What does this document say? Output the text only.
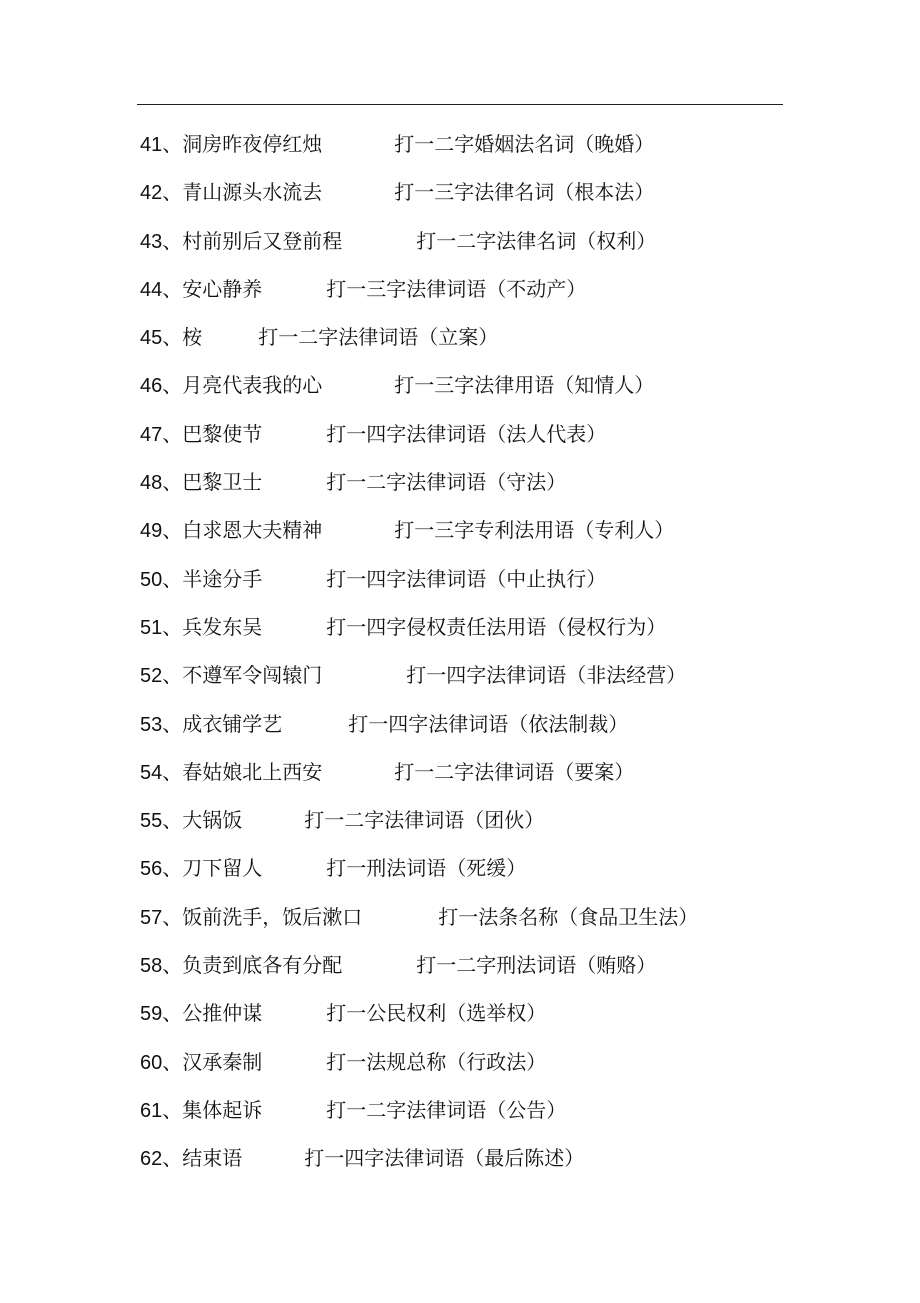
41、洞房昨夜停红烛	打一二字婚姻法名词（晚婚）
42、青山源头水流去	打一三字法律名词（根本法）
43、村前别后又登前程	打一二字法律名词（权利）
44、安心静养	打一三字法律词语（不动产）
45、桉	打一二字法律词语（立案）
46、月亮代表我的心	打一三字法律用语（知情人）
47、巴黎使节	打一四字法律词语（法人代表）
48、巴黎卫士	打一二字法律词语（守法）
49、白求恩大夫精神	打一三字专利法用语（专利人）
50、半途分手	打一四字法律词语（中止执行）
51、兵发东吴	打一四字侵权责任法用语（侵权行为）
52、不遵军令闯辕门	打一四字法律词语（非法经营）
53、成衣铺学艺	打一四字法律词语（依法制裁）
54、春姑娘北上西安	打一二字法律词语（要案）
55、大锅饭	打一二字法律词语（团伙）
56、刀下留人	打一刑法词语（死缓）
57、饭前洗手，饭后漱口	打一法条名称（食品卫生法）
58、负责到底各有分配	打一二字刑法词语（贿赂）
59、公推仲谋	打一公民权利（选举权）
60、汉承秦制	打一法规总称（行政法）
61、集体起诉	打一二字法律词语（公告）
62、结束语	打一四字法律词语（最后陈述）
